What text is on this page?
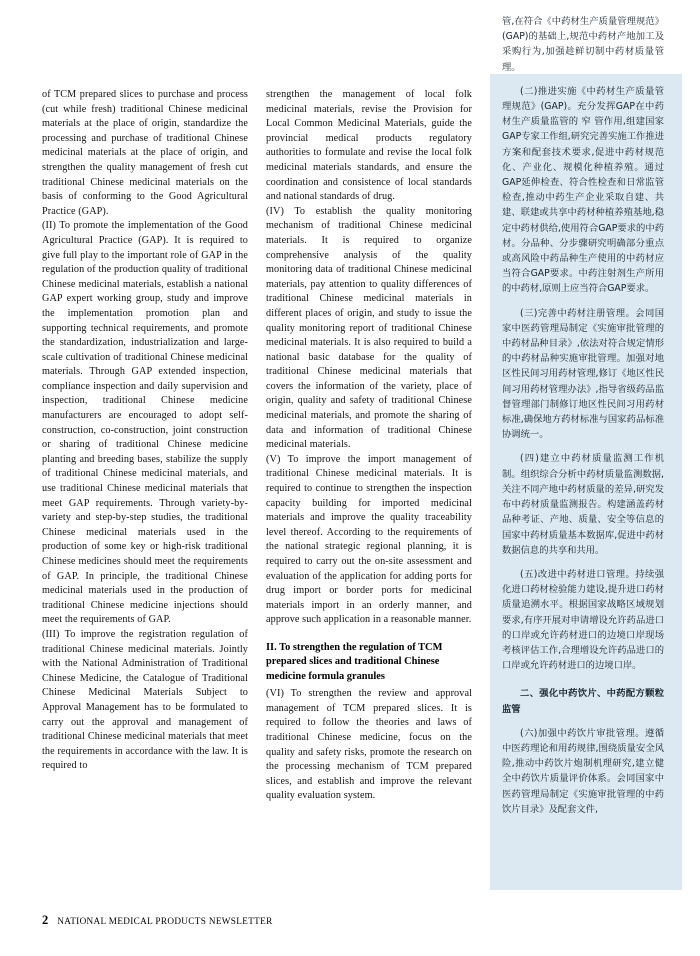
of TCM prepared slices to purchase and process (cut while fresh) traditional Chinese medicinal materials at the place of origin, standardize the processing and purchase of traditional Chinese medicinal materials at the place of origin, and strengthen the quality management of fresh cut traditional Chinese medicinal materials on the basis of conforming to the Good Agricultural Practice (GAP).

(II) To promote the implementation of the Good Agricultural Practice (GAP). It is required to give full play to the important role of GAP in the regulation of the production quality of traditional Chinese medicinal materials, establish a national GAP expert working group, study and improve the implementation promotion plan and supporting technical requirements, and promote the standardization, industrialization and large-scale cultivation of traditional Chinese medicinal materials. Through GAP extended inspection, compliance inspection and daily supervision and inspection, traditional Chinese medicine manufacturers are encouraged to adopt self-construction, co-construction, joint construction or sharing of traditional Chinese medicine planting and breeding bases, stabilize the supply of traditional Chinese medicinal materials, and use traditional Chinese medicinal materials that meet GAP requirements. Through variety-by-variety and step-by-step studies, the traditional Chinese medicinal materials used in the production of some key or high-risk traditional Chinese medicines should meet the requirements of GAP. In principle, the traditional Chinese medicinal materials used in the production of traditional Chinese medicine injections should meet the requirements of GAP.

(III) To improve the registration regulation of traditional Chinese medicinal materials. Jointly with the National Administration of Traditional Chinese Medicine, the Catalogue of Traditional Chinese Medicinal Materials Subject to Approval Management has to be formulated to carry out the approval and management of traditional Chinese medicinal materials that meet the requirements in accordance with the law. It is required to

strengthen the management of local folk medicinal materials, revise the Provision for Local Common Medicinal Materials, guide the provincial medical products regulatory authorities to formulate and revise the local folk medicinal materials standards, and ensure the coordination and consistence of local standards and national standards of drug.

(IV) To establish the quality monitoring mechanism of traditional Chinese medicinal materials. It is required to organize comprehensive analysis of the quality monitoring data of traditional Chinese medicinal materials, pay attention to quality differences of traditional Chinese medicinal materials in different places of origin, and study to issue the quality monitoring report of traditional Chinese medicinal materials. It is also required to build a national basic database for the quality of traditional Chinese medicinal materials that covers the information of the variety, place of origin, quality and safety of traditional Chinese medicinal materials, and promote the sharing of data and information of traditional Chinese medicinal materials.

(V) To improve the import management of traditional Chinese medicinal materials. It is required to continue to strengthen the inspection capacity building for imported medicinal materials and improve the quality traceability level thereof. According to the requirements of the national strategic regional planning, it is required to carry out the on-site assessment and evaluation of the application for adding ports for drug import or border ports for medicinal materials import in an orderly manner, and approve such application in a reasonable manner.

II. To strengthen the regulation of TCM prepared slices and traditional Chinese medicine formula granules

(VI) To strengthen the review and approval management of TCM prepared slices. It is required to follow the theories and laws of traditional Chinese medicine, focus on the quality and safety risks, promote the research on the processing mechanism of TCM prepared slices, and establish and improve the relevant quality evaluation system.

管,在符合《中药材生产质量管理规范》(GAP)的基础上,规范中药材产地加工及采购行为,加强趁鲜切制中药材质量管理。

(二)推进实施《中药材生产质量管理规范》(GAP)。充分发挥GAP在中药材生产质量监管的 窄 管作用,组建国家GAP专家工作组,研究完善实施工作推进方案和配套技术要求,促进中药材规范化、产业化、规模化种植养殖。通过GAP延伸检查、符合性检查和日常监管检查,推动中药生产企业采取自建、共建、联建或共享中药材种植养殖基地,稳定中药材供给,使用符合GAP要求的中药材。分品种、分步骤研究明确部分重点或高风险中药品种生产使用的中药材应当符合GAP要求。中药注射剂生产所用的中药材,原则上应当符合GAP要求。

(三)完善中药材注册管理。会同国家中医药管理局制定《实施审批管理的中药材品种目录》,依法对符合规定情形的中药材品种实施审批管理。加强对地区性民间习用药材管理,修订《地区性民间习用药材管理办法》,指导省级药品监督管理部门制修订地区性民间习用药材标准,确保地方药材标准与国家药品标准协调统一。

(四)建立中药材质量监测工作机制。组织综合分析中药材质量监测数据,关注不同产地中药材质量的差异,研究发布中药材质量监测报告。构建涵盖药材品种考证、产地、质量、安全等信息的国家中药材质量基本数据库,促进中药材数据信息的共享和共用。

(五)改进中药材进口管理。持续强化进口药材检验能力建设,提升进口药材质量追溯水平。根据国家战略区域规划要求,有序开展对申请增设允许药品进口的口岸或允许药材进口的边境口岸现场考核评估工作,合理增设允许药品进口的口岸或允许药材进口的边境口岸。

二、强化中药饮片、中药配方颗粒监管

(六)加强中药饮片审批管理。遵循中医药理论和用药规律,围绕质量安全风险,推动中药饮片炮制机理研究,建立健全中药饮片质量评价体系。会同国家中医药管理局制定《实施审批管理的中药饮片目录》及配套文件,

2 NATIONAL MEDICAL PRODUCTS NEWSLETTER
